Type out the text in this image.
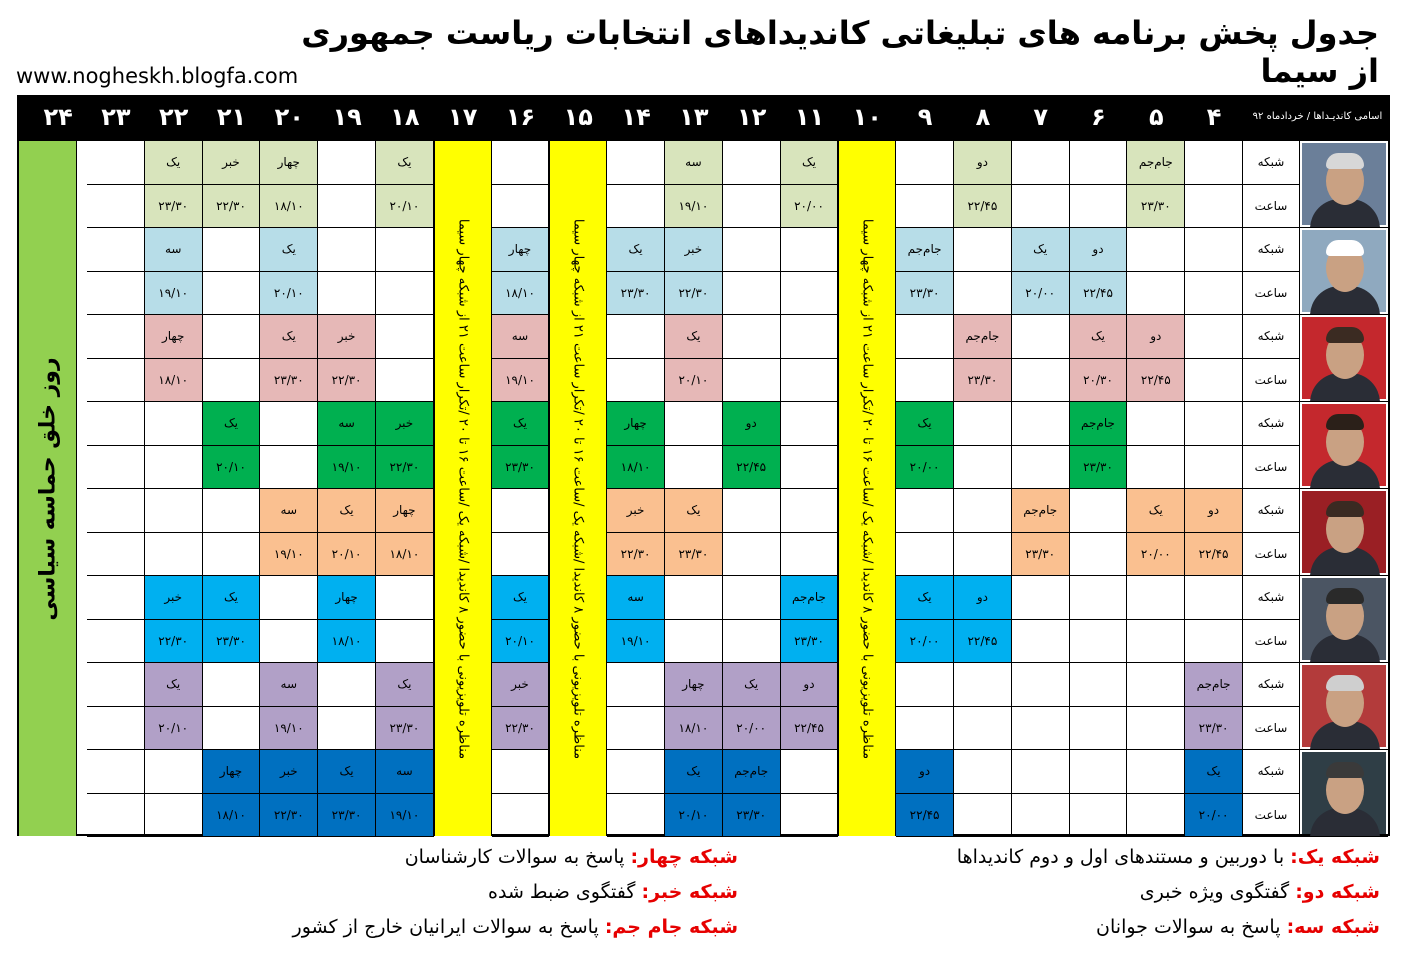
جدول پخش برنامه های تبلیغاتی کاندیداهای انتخابات ریاست جمهوری از سیما
www.nogheskh.blogfa.com
اسامی کاندیـداها / خردادماه ۹۲
۴
۵
۶
۷
۸
۹
۱۰
۱۱
۱۲
۱۳
۱۴
۱۵
۱۶
۱۷
۱۸
۱۹
۲۰
۲۱
۲۲
۲۳
۲۴
روز خلق حماسه سیاسی
شبکه
ساعت
جام‌جم
۲۳/۳۰
دو
۲۲/۴۵
یک
۲۰/۰۰
سه
۱۹/۱۰
یک
۲۰/۱۰
چهار
۱۸/۱۰
خبر
۲۲/۳۰
یک
۲۳/۳۰
شبکه
ساعت
دو
۲۲/۴۵
یک
۲۰/۰۰
جام‌جم
۲۳/۳۰
خبر
۲۲/۳۰
یک
۲۳/۳۰
چهار
۱۸/۱۰
یک
۲۰/۱۰
سه
۱۹/۱۰
شبکه
ساعت
دو
۲۲/۴۵
یک
۲۰/۳۰
جام‌جم
۲۳/۳۰
یک
۲۰/۱۰
سه
۱۹/۱۰
خبر
۲۲/۳۰
یک
۲۳/۳۰
چهار
۱۸/۱۰
شبکه
ساعت
جام‌جم
۲۳/۳۰
یک
۲۰/۰۰
دو
۲۲/۴۵
چهار
۱۸/۱۰
یک
۲۳/۳۰
خبر
۲۲/۳۰
سه
۱۹/۱۰
یک
۲۰/۱۰
شبکه
ساعت
دو
۲۲/۴۵
یک
۲۰/۰۰
جام‌جم
۲۳/۳۰
یک
۲۳/۳۰
خبر
۲۲/۳۰
چهار
۱۸/۱۰
یک
۲۰/۱۰
سه
۱۹/۱۰
شبکه
ساعت
دو
۲۲/۴۵
یک
۲۰/۰۰
جام‌جم
۲۳/۳۰
سه
۱۹/۱۰
یک
۲۰/۱۰
چهار
۱۸/۱۰
یک
۲۳/۳۰
خبر
۲۲/۳۰
شبکه
ساعت
جام‌جم
۲۳/۳۰
دو
۲۲/۴۵
یک
۲۰/۰۰
چهار
۱۸/۱۰
خبر
۲۲/۳۰
یک
۲۳/۳۰
سه
۱۹/۱۰
یک
۲۰/۱۰
شبکه
ساعت
یک
۲۰/۰۰
دو
۲۲/۴۵
جام‌جم
۲۳/۳۰
یک
۲۰/۱۰
سه
۱۹/۱۰
یک
۲۳/۳۰
خبر
۲۲/۳۰
چهار
۱۸/۱۰
مناظره تلویزیونی با حضور ۸ کاندیدا /شبکه یک /ساعت ۱۶ تا ۲۰ /تکرار ساعت ۲۱ از شبکه چهار سیما
مناظره تلویزیونی با حضور ۸ کاندیدا /شبکه یک /ساعت ۱۶ تا ۲۰ /تکرار ساعت ۲۱ از شبکه چهار سیما
مناظره تلویزیونی با حضور ۸ کاندیدا /شبکه یک /ساعت ۱۶ تا ۲۰ /تکرار ساعت ۲۱ از شبکه چهار سیما
شبکه یک: با دوربین و مستندهای اول و دوم کاندیداها
شبکه دو: گفتگوی ویژه خبری
شبکه سه: پاسخ به سوالات جوانان
شبکه چهار: پاسخ به سوالات کارشناسان
شبکه خبر: گفتگوی ضبط شده
شبکه جام جم: پاسخ به سوالات ایرانیان خارج از کشور
